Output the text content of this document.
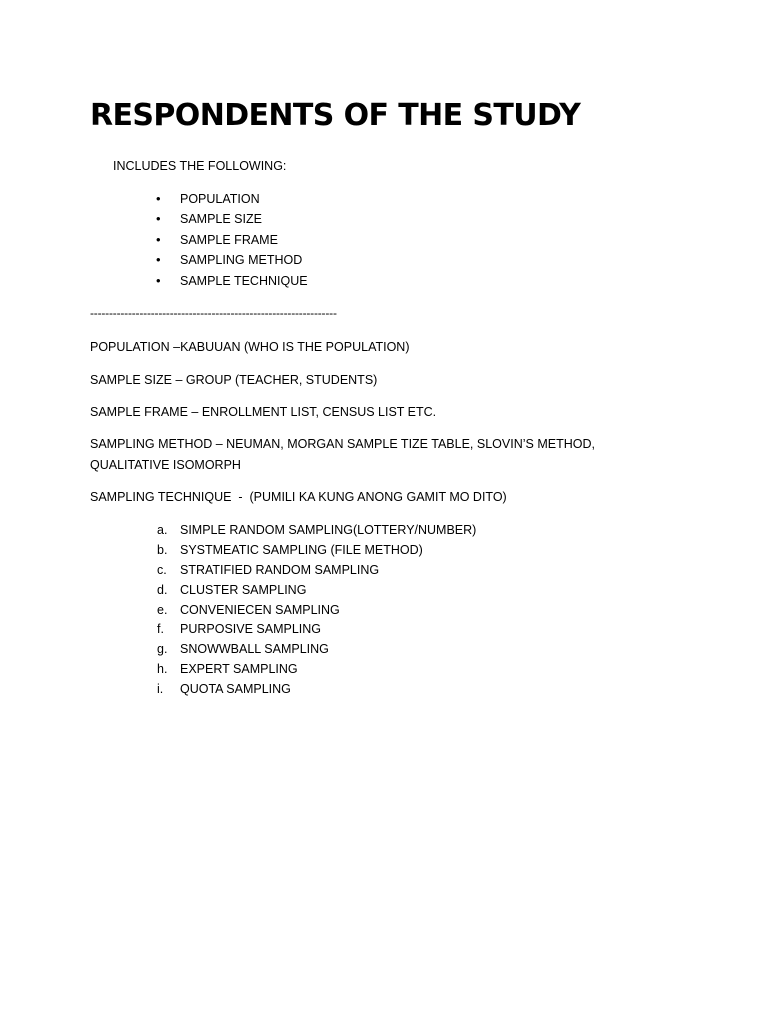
RESPONDENTS OF THE STUDY
INCLUDES THE FOLLOWING:
• POPULATION
• SAMPLE SIZE
• SAMPLE FRAME
• SAMPLING METHOD
• SAMPLE TECHNIQUE
-----------------------------------------------------------------

POPULATION –KABUUAN (WHO IS THE POPULATION)

SAMPLE SIZE – GROUP (TEACHER, STUDENTS)

SAMPLE FRAME – ENROLLMENT LIST, CENSUS LIST ETC.

SAMPLING METHOD – NEUMAN, MORGAN SAMPLE TIZE TABLE, SLOVIN’S METHOD, QUALITATIVE ISOMORPH

SAMPLING TECHNIQUE  -  (PUMILI KA KUNG ANONG GAMIT MO DITO)

a. SIMPLE RANDOM SAMPLING(LOTTERY/NUMBER)
b. SYSTMEATIC SAMPLING (FILE METHOD)
c. STRATIFIED RANDOM SAMPLING
d. CLUSTER SAMPLING
e. CONVENIECEN SAMPLING
f. PURPOSIVE SAMPLING
g. SNOWWBALL SAMPLING
h. EXPERT SAMPLING
i. QUOTA SAMPLING
